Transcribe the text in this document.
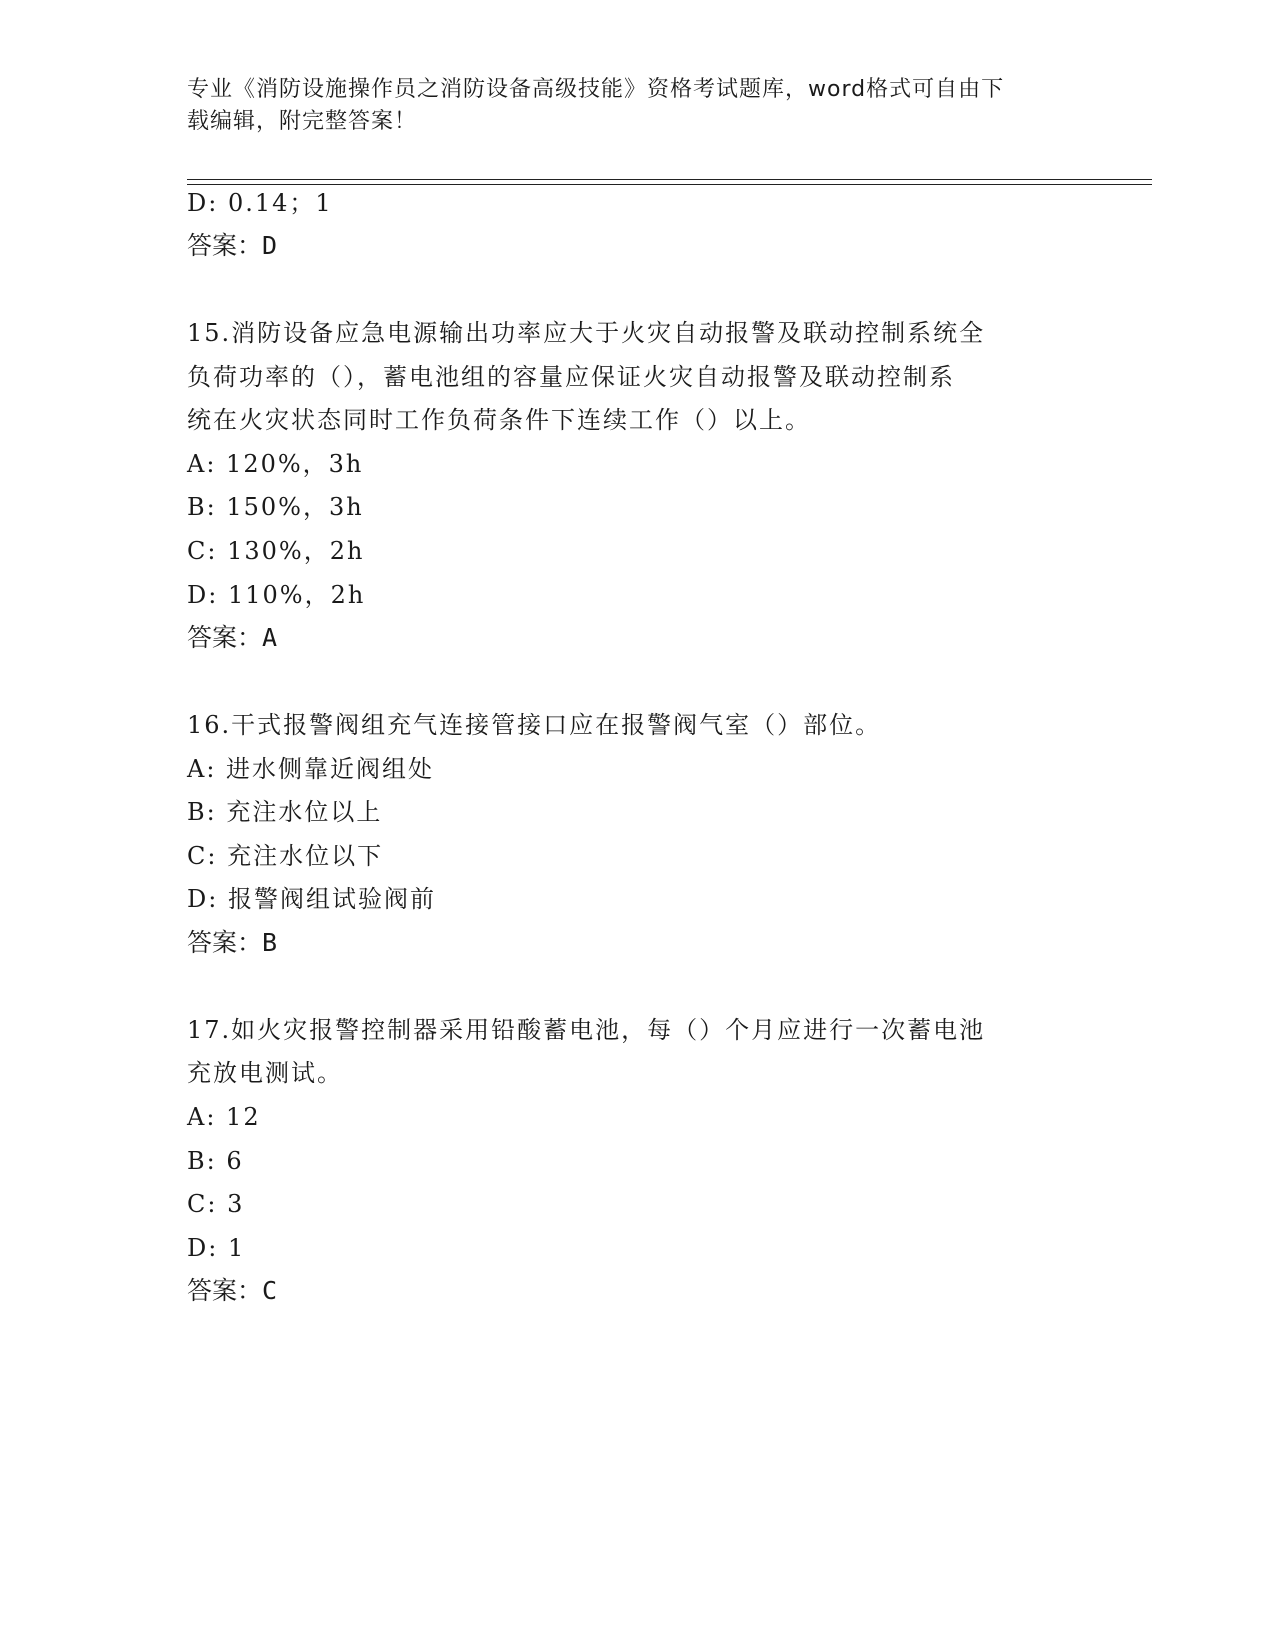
专业《消防设施操作员之消防设备高级技能》资格考试题库，word格式可自由下
载编辑，附完整答案！
D: 0.14；1
答案：D
15.消防设备应急电源输出功率应大于火灾自动报警及联动控制系统全
负荷功率的（），蓄电池组的容量应保证火灾自动报警及联动控制系
统在火灾状态同时工作负荷条件下连续工作（）以上。
A: 120%，3h
B: 150%，3h
C: 130%，2h
D: 110%，2h
答案：A
16.干式报警阀组充气连接管接口应在报警阀气室（）部位。
A: 进水侧靠近阀组处
B: 充注水位以上
C: 充注水位以下
D: 报警阀组试验阀前
答案：B
17.如火灾报警控制器采用铅酸蓄电池，每（）个月应进行一次蓄电池
充放电测试。
A: 12
B: 6
C: 3
D: 1
答案：C
